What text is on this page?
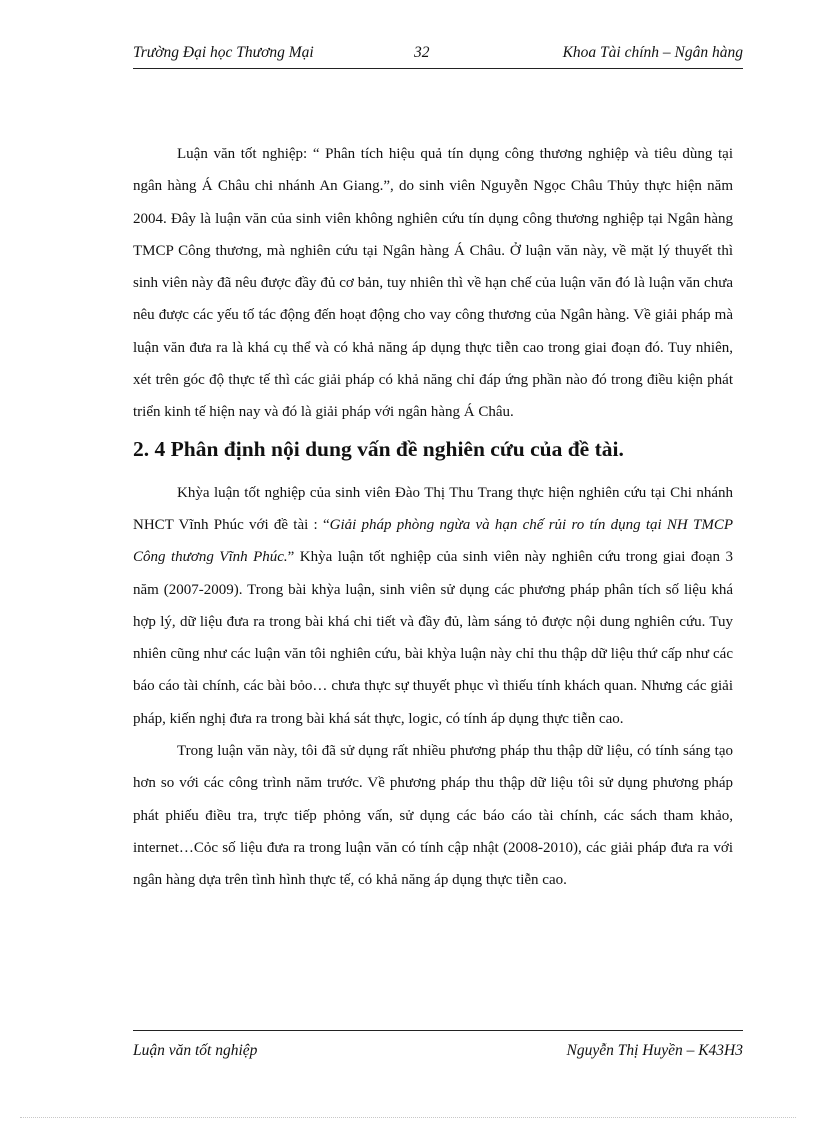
Trường Đại học Thương Mại	32	Khoa Tài chính – Ngân hàng

Luận văn tốt nghiệp: “ Phân tích hiệu quả tín dụng công thương nghiệp và tiêu dùng tại ngân hàng Á Châu chi nhánh An Giang.”, do sinh viên Nguyễn Ngọc Châu Thủy thực hiện năm 2004. Đây là luận văn của sinh viên không nghiên cứu tín dụng công thương nghiệp tại Ngân hàng TMCP Công thương, mà nghiên cứu tại Ngân hàng Á Châu. Ở luận văn này, về mặt lý thuyết thì sinh viên này đã nêu được đầy đủ cơ bản, tuy nhiên thì về hạn chế của luận văn đó là luận văn chưa nêu được các yếu tố tác động đến hoạt động cho vay công thương của Ngân hàng. Về giải pháp mà luận văn đưa ra là khá cụ thể và có khả năng áp dụng thực tiễn cao trong giai đoạn đó. Tuy nhiên, xét trên góc độ thực tế thì các giải pháp có khả năng chỉ đáp ứng phần nào đó trong điều kiện phát triển kinh tế hiện nay và đó là giải pháp với ngân hàng Á Châu.

2. 4 Phân định nội dung vấn đề nghiên cứu của đề tài.

Khỳa luận tốt nghiệp của sinh viên Đào Thị Thu Trang thực hiện nghiên cứu tại Chi nhánh NHCT Vĩnh Phúc với đề tài : “Giải pháp phòng ngừa và hạn chế rủi ro tín dụng tại NH TMCP Công thương Vĩnh Phúc.” Khỳa luận tốt nghiệp của sinh viên này nghiên cứu trong giai đoạn 3 năm (2007-2009). Trong bài khỳa luận, sinh viên sử dụng các phương pháp phân tích số liệu khá hợp lý, dữ liệu đưa ra trong bài khá chi tiết và đầy đủ, làm sáng tỏ được nội dung nghiên cứu. Tuy nhiên cũng như các luận văn tôi nghiên cứu, bài khỳa luận này chỉ thu thập dữ liệu thứ cấp như các báo cáo tài chính, các bài bỏo… chưa thực sự thuyết phục vì thiếu tính khách quan. Nhưng các giải pháp, kiến nghị đưa ra trong bài khá sát thực, logic, có tính áp dụng thực tiễn cao.

Trong luận văn này, tôi đã sử dụng rất nhiều phương pháp thu thập dữ liệu, có tính sáng tạo hơn so với các công trình năm trước. Về phương pháp thu thập dữ liệu tôi sử dụng phương pháp phát phiếu điều tra, trực tiếp phỏng vấn, sử dụng các báo cáo tài chính, các sách tham khảo, internet…Cỏc số liệu đưa ra trong luận văn có tính cập nhật (2008-2010), các giải pháp đưa ra với ngân hàng dựa trên tình hình thực tế, có khả năng áp dụng thực tiễn cao.

Luận văn tốt nghiệp	Nguyễn Thị Huyền – K43H3
